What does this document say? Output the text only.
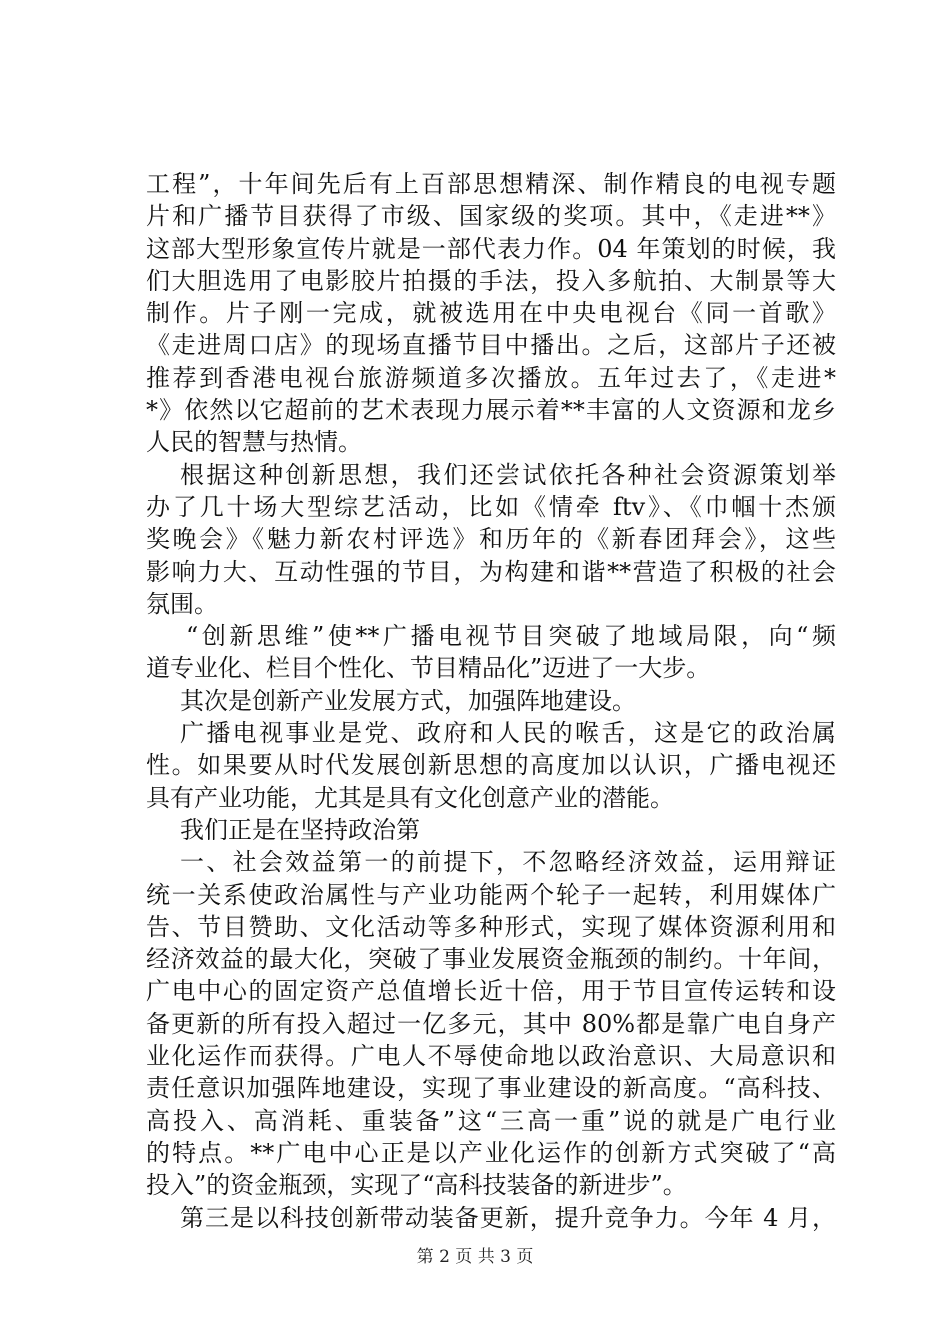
工程”，十年间先后有上百部思想精深、制作精良的电视专题
片和广播节目获得了市级、国家级的奖项。其中，《走进**》
这部大型形象宣传片就是一部代表力作。04 年策划的时候，我
们大胆选用了电影胶片拍摄的手法，投入多航拍、大制景等大
制作。片子刚一完成，就被选用在中央电视台《同一首歌》
《走进周口店》的现场直播节目中播出。之后，这部片子还被
推荐到香港电视台旅游频道多次播放。五年过去了，《走进*
*》依然以它超前的艺术表现力展示着**丰富的人文资源和龙乡
人民的智慧与热情。
根据这种创新思想，我们还尝试依托各种社会资源策划举
办了几十场大型综艺活动，比如《情牵 ftv》、《巾帼十杰颁
奖晚会》《魅力新农村评选》和历年的《新春团拜会》，这些
影响力大、互动性强的节目，为构建和谐**营造了积极的社会
氛围。
“创新思维”使**广播电视节目突破了地域局限，向“频
道专业化、栏目个性化、节目精品化”迈进了一大步。
其次是创新产业发展方式，加强阵地建设。
广播电视事业是党、政府和人民的喉舌，这是它的政治属
性。如果要从时代发展创新思想的高度加以认识，广播电视还
具有产业功能，尤其是具有文化创意产业的潜能。
我们正是在坚持政治第
一、社会效益第一的前提下，不忽略经济效益，运用辩证
统一关系使政治属性与产业功能两个轮子一起转，利用媒体广
告、节目赞助、文化活动等多种形式，实现了媒体资源利用和
经济效益的最大化，突破了事业发展资金瓶颈的制约。十年间，
广电中心的固定资产总值增长近十倍，用于节目宣传运转和设
备更新的所有投入超过一亿多元，其中 80%都是靠广电自身产
业化运作而获得。广电人不辱使命地以政治意识、大局意识和
责任意识加强阵地建设，实现了事业建设的新高度。“高科技、
高投入、高消耗、重装备”这“三高一重”说的就是广电行业
的特点。**广电中心正是以产业化运作的创新方式突破了“高
投入”的资金瓶颈，实现了“高科技装备的新进步”。
第三是以科技创新带动装备更新，提升竞争力。今年 4 月，
第 2 页 共 3 页
